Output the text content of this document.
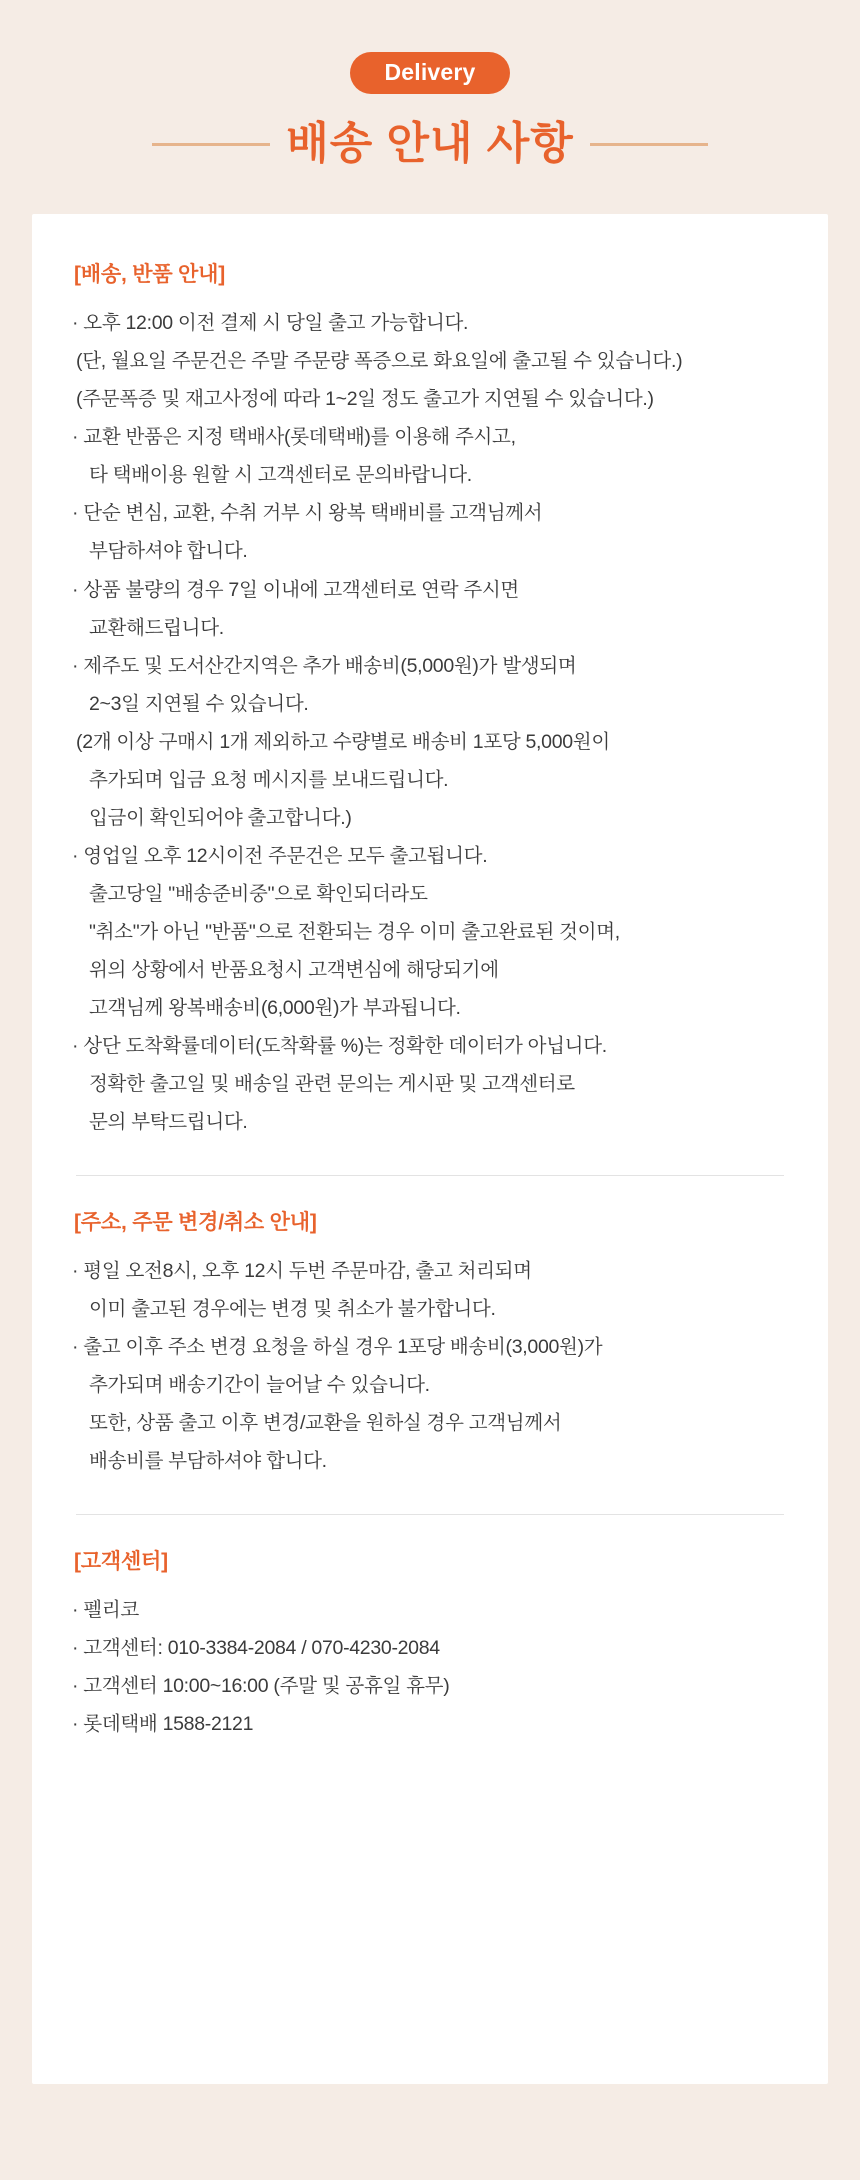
Delivery
배송 안내 사항
[배송, 반품 안내]
· 오후 12:00 이전 결제 시 당일 출고 가능합니다.
(단, 월요일 주문건은 주말 주문량 폭증으로 화요일에 출고될 수 있습니다.)
(주문폭증 및 재고사정에 따라 1~2일 정도 출고가 지연될 수 있습니다.)
· 교환 반품은 지정 택배사(롯데택배)를 이용해 주시고,
타 택배이용 원할 시 고객센터로 문의바랍니다.
· 단순 변심, 교환, 수취 거부 시 왕복 택배비를 고객님께서
부담하셔야 합니다.
· 상품 불량의 경우 7일 이내에 고객센터로 연락 주시면
교환해드립니다.
· 제주도 및 도서산간지역은 추가 배송비(5,000원)가 발생되며
2~3일 지연될 수 있습니다.
(2개 이상 구매시 1개 제외하고 수량별로 배송비 1포당 5,000원이
추가되며 입금 요청 메시지를 보내드립니다.
입금이 확인되어야 출고합니다.)
· 영업일 오후 12시이전 주문건은 모두 출고됩니다.
출고당일 "배송준비중"으로 확인되더라도
"취소"가 아닌 "반품"으로 전환되는 경우 이미 출고완료된 것이며,
위의 상황에서 반품요청시 고객변심에 해당되기에
고객님께 왕복배송비(6,000원)가 부과됩니다.
· 상단 도착확률데이터(도착확률 %)는 정확한 데이터가 아닙니다.
정확한 출고일 및 배송일 관련 문의는 게시판 및 고객센터로
문의 부탁드립니다.
[주소, 주문 변경/취소 안내]
· 평일 오전8시, 오후 12시 두번 주문마감, 출고 처리되며
이미 출고된 경우에는 변경 및 취소가 불가합니다.
· 출고 이후 주소 변경 요청을 하실 경우 1포당 배송비(3,000원)가
추가되며 배송기간이 늘어날 수 있습니다.
또한, 상품 출고 이후 변경/교환을 원하실 경우 고객님께서
배송비를 부담하셔야 합니다.
[고객센터]
· 펠리코
· 고객센터: 010-3384-2084 / 070-4230-2084
· 고객센터 10:00~16:00 (주말 및 공휴일 휴무)
· 롯데택배 1588-2121
